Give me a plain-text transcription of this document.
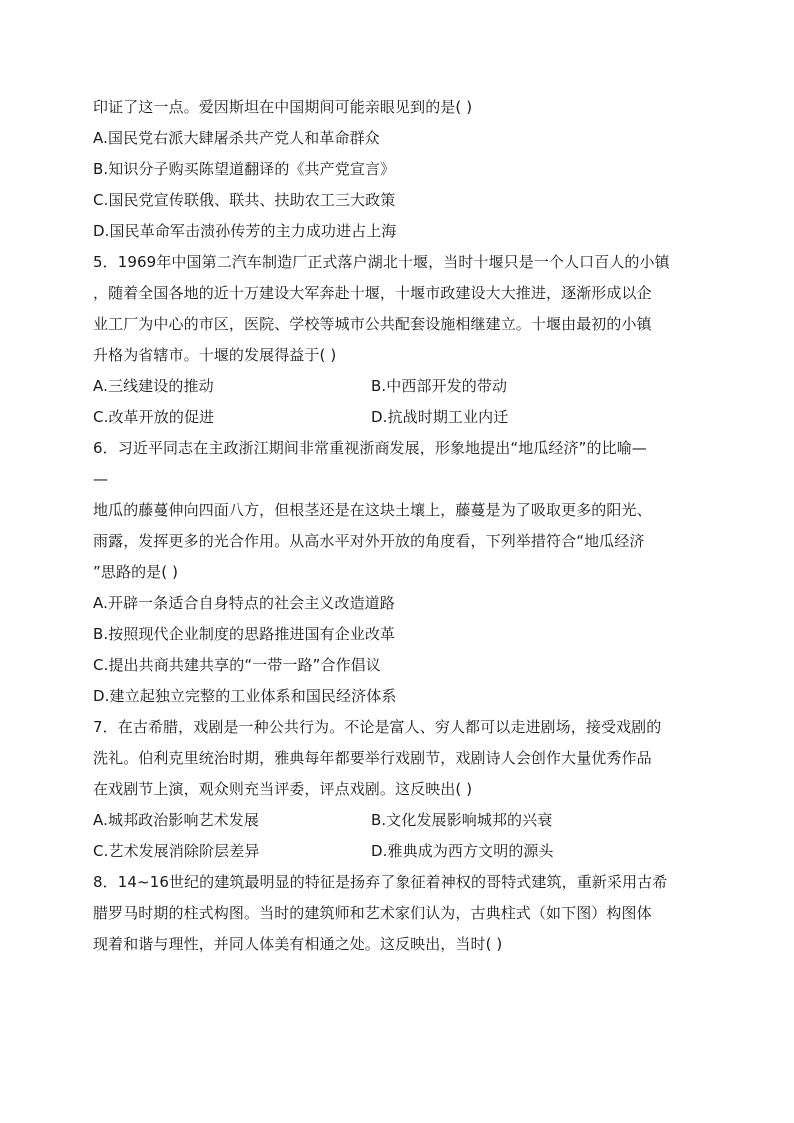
印证了这一点。爱因斯坦在中国期间可能亲眼见到的是( )
A.国民党右派大肆屠杀共产党人和革命群众
B.知识分子购买陈望道翻译的《共产党宣言》
C.国民党宣传联俄、联共、扶助农工三大政策
D.国民革命军击溃孙传芳的主力成功进占上海
5．1969年中国第二汽车制造厂正式落户湖北十堰，当时十堰只是一个人口百人的小镇
，随着全国各地的近十万建设大军奔赴十堰，十堰市政建设大大推进，逐渐形成以企
业工厂为中心的市区，医院、学校等城市公共配套设施相继建立。十堰由最初的小镇
升格为省辖市。十堰的发展得益于( )
A.三线建设的推动	B.中西部开发的带动
C.改革开放的促进	D.抗战时期工业内迁
6．习近平同志在主政浙江期间非常重视浙商发展，形象地提出“地瓜经济”的比喻—
—
地瓜的藤蔓伸向四面八方，但根茎还是在这块土壤上，藤蔓是为了吸取更多的阳光、
雨露，发挥更多的光合作用。从高水平对外开放的角度看，下列举措符合“地瓜经济
”思路的是( )
A.开辟一条适合自身特点的社会主义改造道路
B.按照现代企业制度的思路推进国有企业改革
C.提出共商共建共享的“一带一路”合作倡议
D.建立起独立完整的工业体系和国民经济体系
7．在古希腊，戏剧是一种公共行为。不论是富人、穷人都可以走进剧场，接受戏剧的
洗礼。伯利克里统治时期，雅典每年都要举行戏剧节，戏剧诗人会创作大量优秀作品
在戏剧节上演，观众则充当评委，评点戏剧。这反映出( )
A.城邦政治影响艺术发展	B.文化发展影响城邦的兴衰
C.艺术发展消除阶层差异	D.雅典成为西方文明的源头
8．14~16世纪的建筑最明显的特征是扬弃了象征着神权的哥特式建筑，重新采用古希
腊罗马时期的柱式构图。当时的建筑师和艺术家们认为，古典柱式（如下图）构图体
现着和谐与理性，并同人体美有相通之处。这反映出，当时( )
